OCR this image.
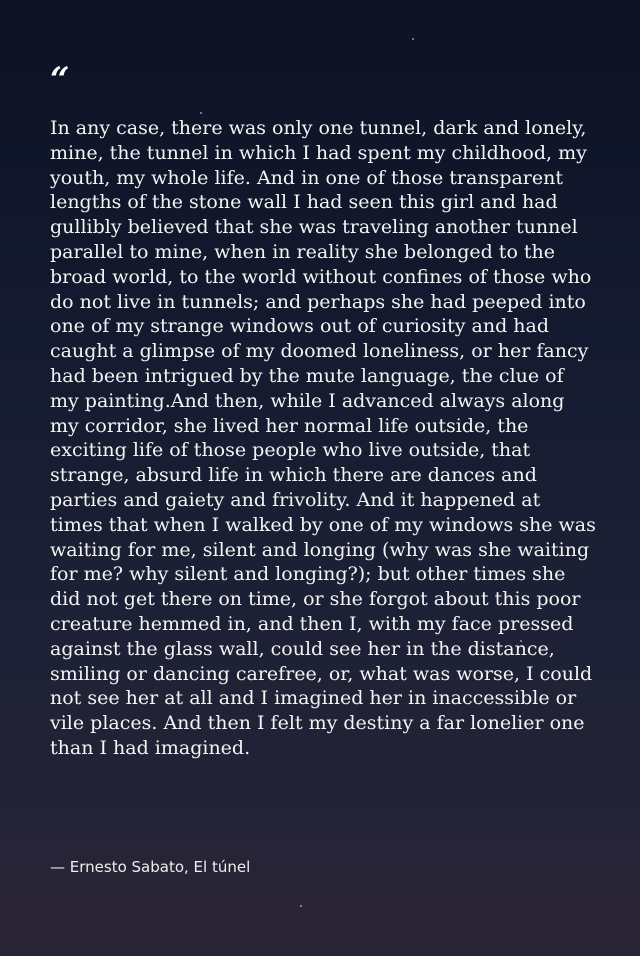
“

In any case, there was only one tunnel, dark and lonely, mine, the tunnel in which I had spent my childhood, my youth, my whole life. And in one of those transparent lengths of the stone wall I had seen this girl and had gullibly believed that she was traveling another tunnel parallel to mine, when in reality she belonged to the broad world, to the world without confines of those who do not live in tunnels; and perhaps she had peeped into one of my strange windows out of curiosity and had caught a glimpse of my doomed loneliness, or her fancy had been intrigued by the mute language, the clue of my painting.And then, while I advanced always along my corridor, she lived her normal life outside, the exciting life of those people who live outside, that strange, absurd life in which there are dances and parties and gaiety and frivolity. And it happened at times that when I walked by one of my windows she was waiting for me, silent and longing (why was she waiting for me? why silent and longing?); but other times she did not get there on time, or she forgot about this poor creature hemmed in, and then I, with my face pressed against the glass wall, could see her in the distance, smiling or dancing carefree, or, what was worse, I could not see her at all and I imagined her in inaccessible or vile places. And then I felt my destiny a far lonelier one than I had imagined.

— Ernesto Sabato, El túnel
